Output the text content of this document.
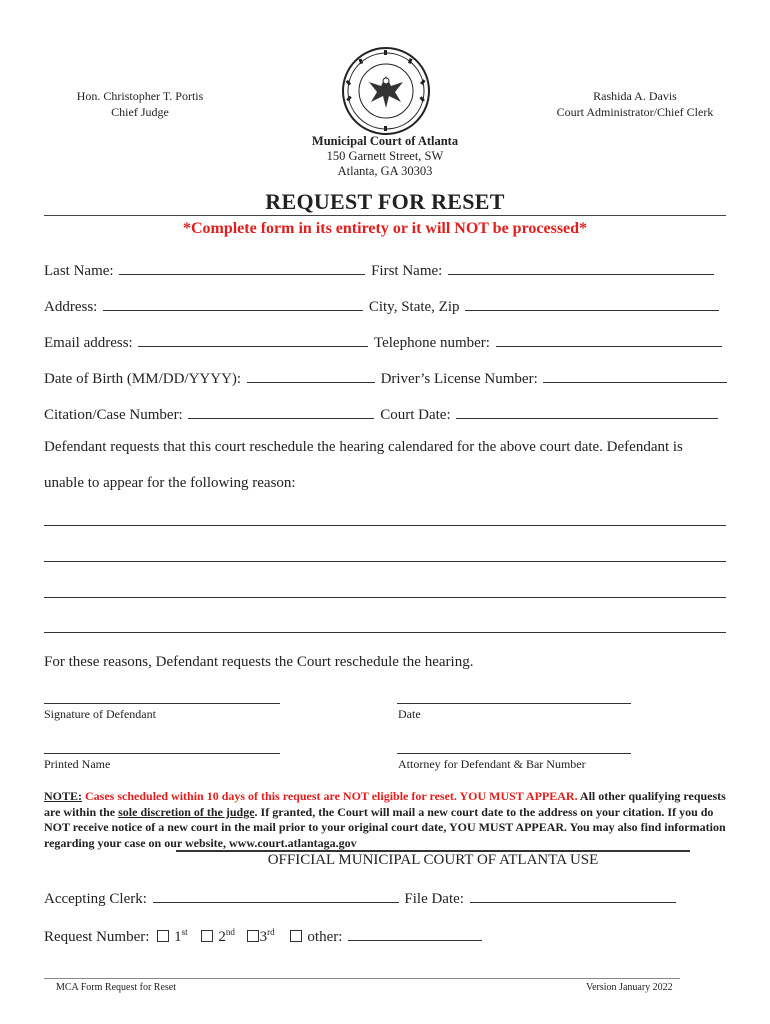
Hon. Christopher T. Portis
Chief Judge
Rashida A. Davis
Court Administrator/Chief Clerk
Municipal Court of Atlanta
150 Garnett Street, SW
Atlanta, GA 30303
REQUEST FOR RESET
*Complete form in its entirety or it will NOT be processed*
Last Name:	First Name:
Address:	City, State, Zip
Email address:	Telephone number:
Date of Birth (MM/DD/YYYY):	Driver’s License Number:
Citation/Case Number:	Court Date:
Defendant requests that this court reschedule the hearing calendared for the above court date. Defendant is
unable to appear for the following reason:
For these reasons, Defendant requests the Court reschedule the hearing.
Signature of Defendant	Date
Printed Name	Attorney for Defendant & Bar Number
NOTE: Cases scheduled within 10 days of this request are NOT eligible for reset. YOU MUST APPEAR. All other qualifying requests are within the sole discretion of the judge. If granted, the Court will mail a new court date to the address on your citation. If you do NOT receive notice of a new court in the mail prior to your original court date, YOU MUST APPEAR. You may also find information regarding your case on our website, www.court.atlantaga.gov
OFFICIAL MUNICIPAL COURT OF ATLANTA USE
Accepting Clerk:	File Date:
Request Number: 1st 2nd 3rd other:
MCA Form Request for Reset	Version January 2022
